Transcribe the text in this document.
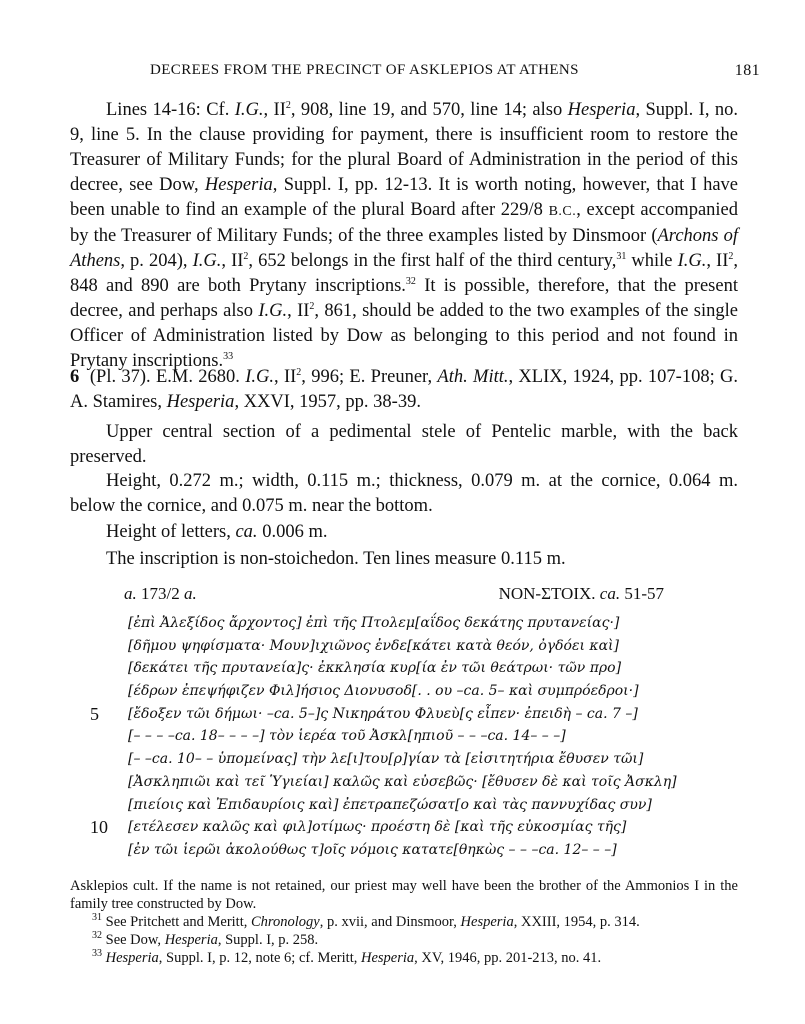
DECREES FROM THE PRECINCT OF ASKLEPIOS AT ATHENS	181

Lines 14-16: Cf. I.G., $II^2$, 908, line 19, and 570, line 14; also Hesperia, Suppl. I, no. 9, line 5. In the clause providing for payment, there is insufficient room to restore the Treasurer of Military Funds; for the plural Board of Administration in the period of this decree, see Dow, Hesperia, Suppl. I, pp. 12-13. It is worth noting, however, that I have been unable to find an example of the plural Board after 229/8 B.C., except accompanied by the Treasurer of Military Funds; of the three examples listed by Dinsmoor (Archons of Athens, p. 204), I.G., $II^2$, 652 belongs in the first half of the third century,$^{31}$ while I.G., $II^2$, 848 and 890 are both Prytany inscriptions.$^{32}$ It is possible, therefore, that the present decree, and perhaps also I.G., $II^2$, 861, should be added to the two examples of the single Officer of Administration listed by Dow as belonging to this period and not found in Prytany inscriptions.$^{33}$

6  (Pl. 37). E.M. 2680. I.G., $II^2$, 996; E. Preuner, Ath. Mitt., XLIX, 1924, pp. 107-108; G. A. Stamires, Hesperia, XXVI, 1957, pp. 38-39.

Upper central section of a pedimental stele of Pentelic marble, with the back preserved.

Height, 0.272 m.; width, 0.115 m.; thickness, 0.079 m. at the cornice, 0.064 m. below the cornice, and 0.075 m. near the bottom.

Height of letters, ca. 0.006 m.

The inscription is non-stoichedon. Ten lines measure 0.115 m.

a. 173/2 a.	NON-ΣΤΟΙΧ. ca. 51-57
[ἐπὶ Ἀλεξίδος ἄρχοντος] ἐπὶ τῆς Πτολεμ[αΐδος δεκάτης πρυτανείας·]
[δῆμου ψηφίσματα· Μουν]ιχιῶνος ἐνδε[κάτει κατὰ θεόν, ὀγδόει καὶ]
[δεκάτει τῆς πρυτανεία]ς· ἐκκλησία κυρ[ία ἐν τῶι θεάτρωι· τῶν προ]
[έδρων ἐπεψήφιζεν Φιλ]ήσιος Διονυσοδ[. . ου –ca. 5– καὶ συμπρόεδροι·]
5	[ἔδοξεν τῶι δήμωι· –ca. 5–]ς Νικηράτου Φλυεὺ[ς εἶπεν· ἐπειδὴ – ca. 7 –]
[– – – –ca. 18– – – –] τὸν ἱερέα τοῦ Ἀσκλ[ηπιοῦ – – –ca. 14– – –]
[– –ca. 10– – ὑπομείνας] τὴν λε[ι]του[ρ]γίαν τὰ [εἰσιτητήρια ἔθυσεν τῶι]
[Ἀσκληπιῶι καὶ τεῖ Ὑγιείαι] καλῶς καὶ εὐσεβῶς· [ἔθυσεν δὲ καὶ τοῖς Ἀσκλη]
[πιείοις καὶ Ἐπιδαυρίοις καὶ] ἐπετραπεζώσατ[ο καὶ τὰς παννυχίδας συν]
10	[ετέλεσεν καλῶς καὶ φιλ]οτίμως· προέστη δὲ [καὶ τῆς εὐκοσμίας τῆς]
[ἐν τῶι ἱερῶι ἀκολούθως τ]οῖς νόμοις κατατε[θηκὼς – – –ca. 12– – –]

Asklepios cult. If the name is not retained, our priest may well have been the brother of the Ammonios I in the family tree constructed by Dow.

$^{31}$ See Pritchett and Meritt, Chronology, p. xvii, and Dinsmoor, Hesperia, XXIII, 1954, p. 314.

$^{32}$ See Dow, Hesperia, Suppl. I, p. 258.

$^{33}$ Hesperia, Suppl. I, p. 12, note 6; cf. Meritt, Hesperia, XV, 1946, pp. 201-213, no. 41.
